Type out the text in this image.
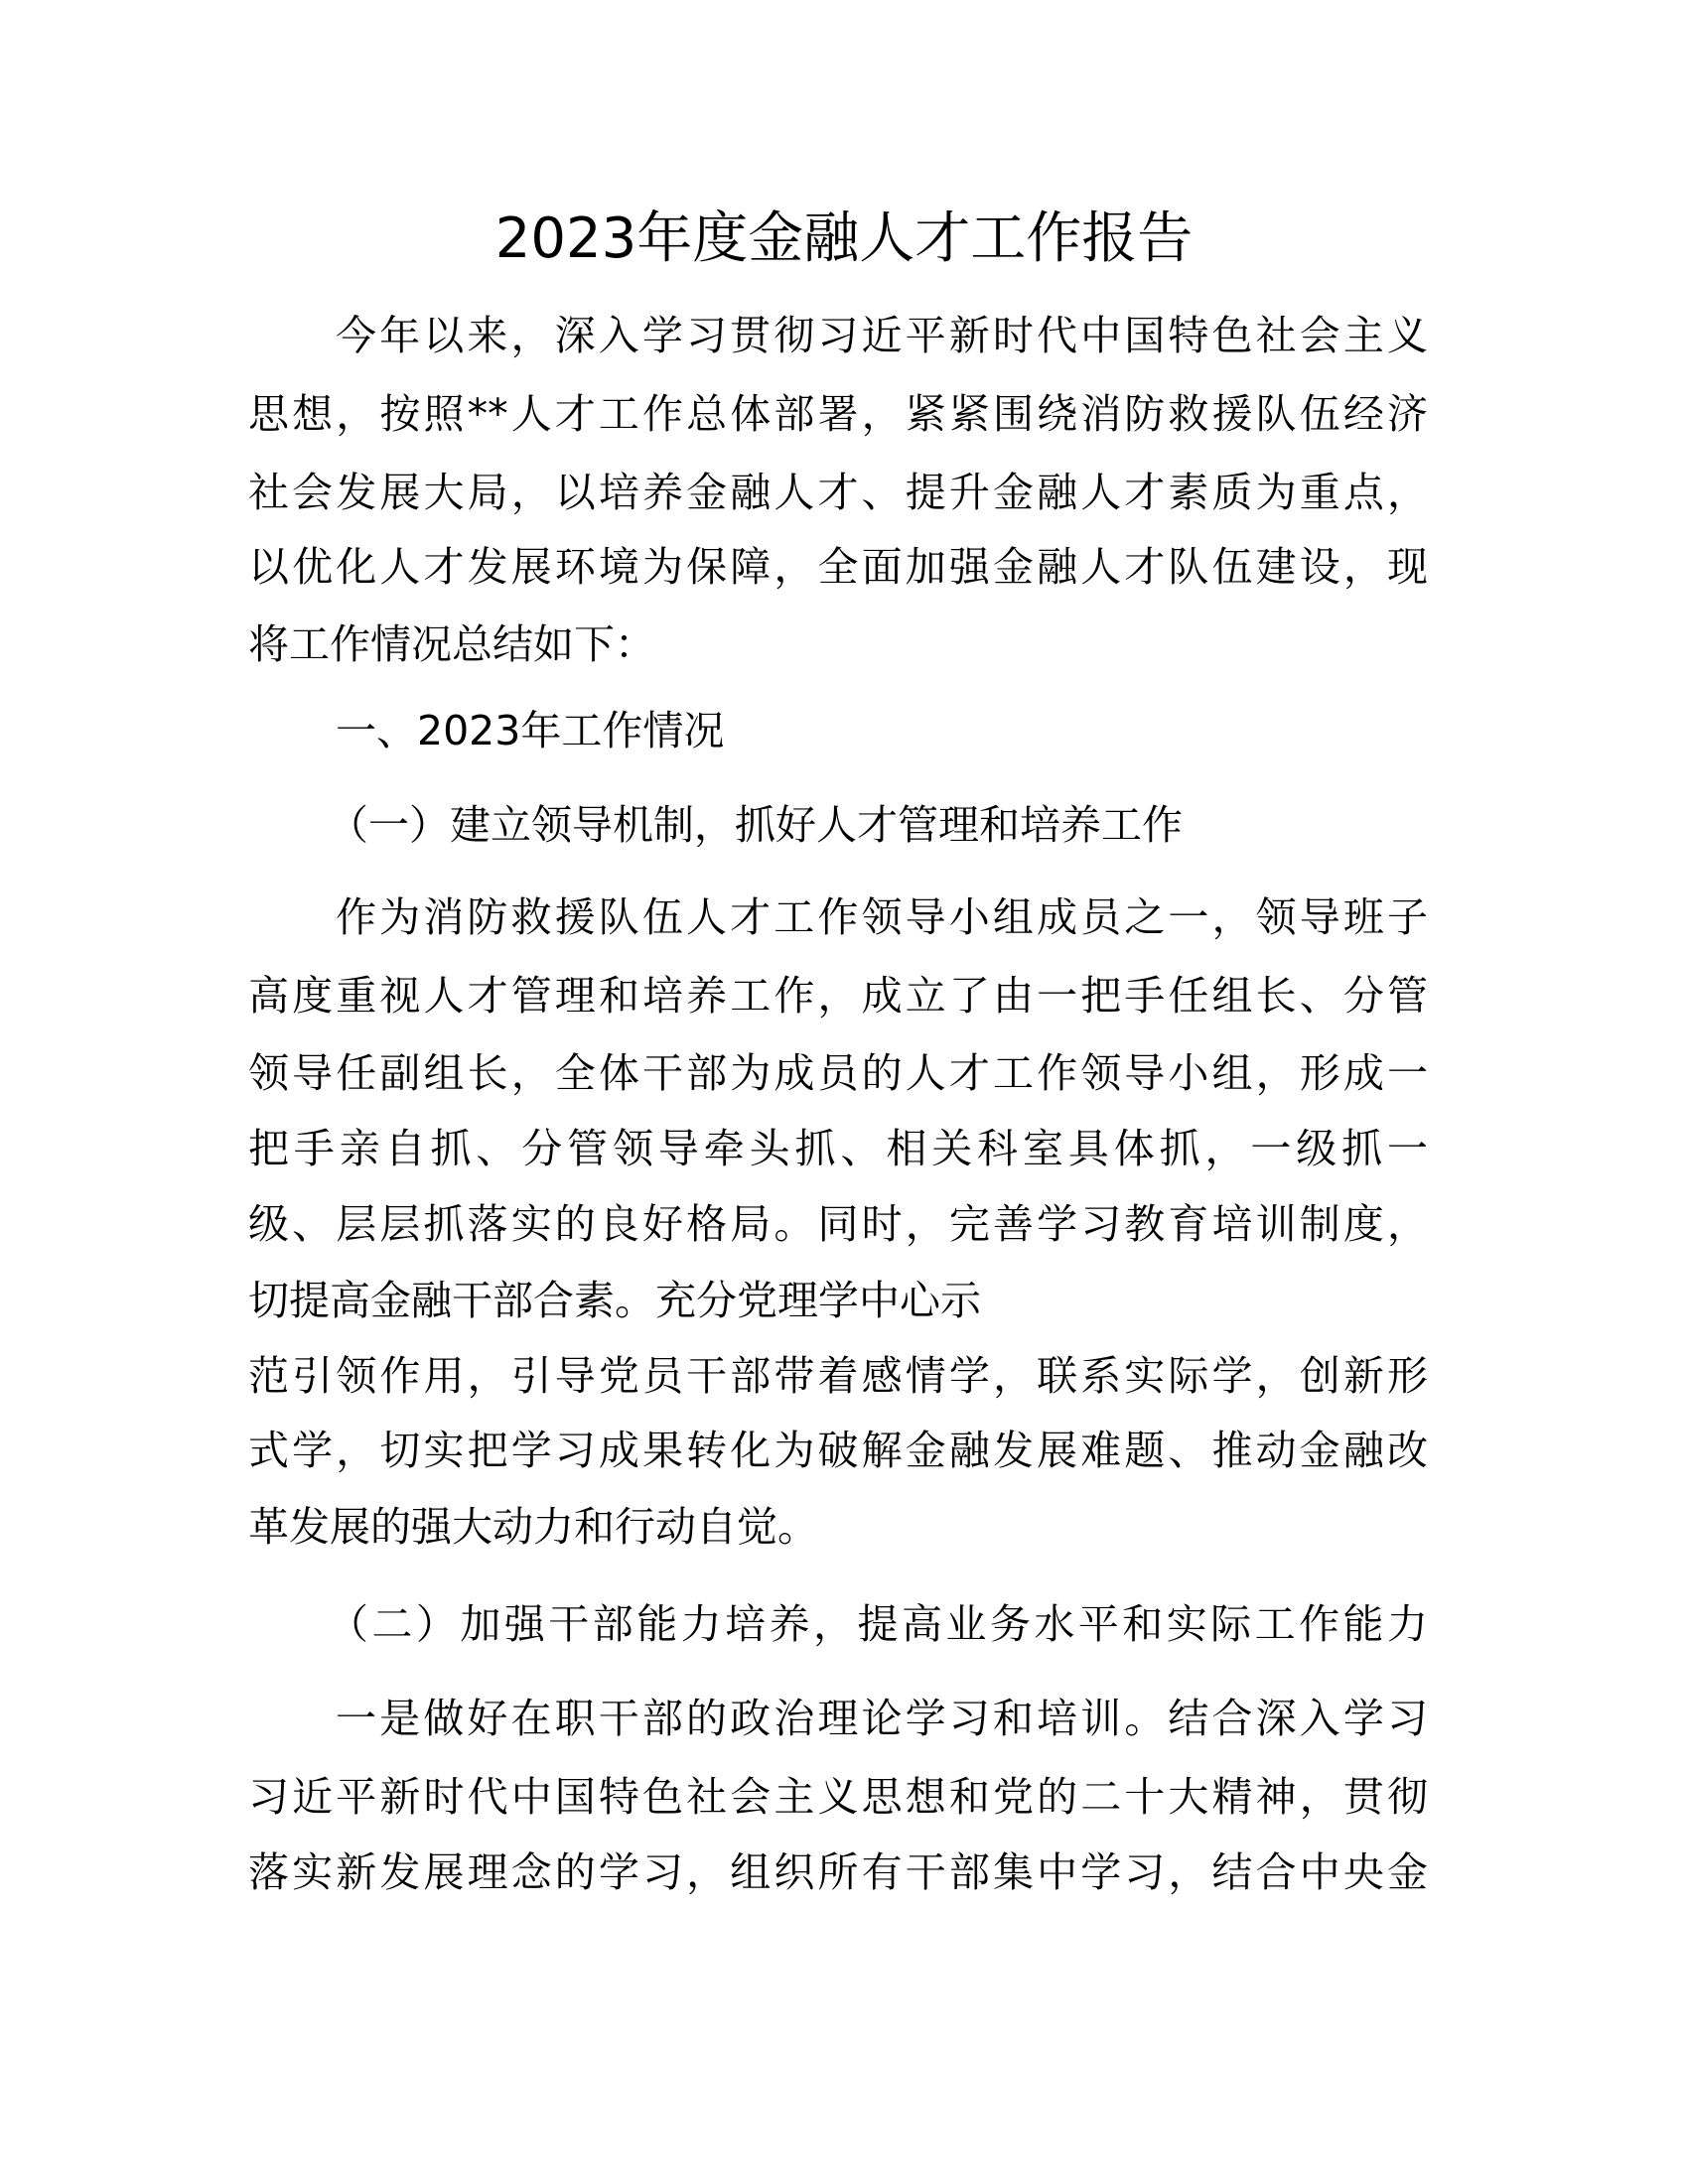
2023年度金融人才工作报告
今年以来，深入学习贯彻习近平新时代中国特色社会主义
思想，按照**人才工作总体部署，紧紧围绕消防救援队伍经济
社会发展大局，以培养金融人才、提升金融人才素质为重点，
以优化人才发展环境为保障，全面加强金融人才队伍建设，现
将工作情况总结如下：
一、2023年工作情况
（一）建立领导机制，抓好人才管理和培养工作
作为消防救援队伍人才工作领导小组成员之一，领导班子
高度重视人才管理和培养工作，成立了由一把手任组长、分管
领导任副组长，全体干部为成员的人才工作领导小组，形成一
把手亲自抓、分管领导牵头抓、相关科室具体抓，一级抓一
级、层层抓落实的良好格局。同时，完善学习教育培训制度，
切提高金融干部合素。充分党理学中心示
范引领作用，引导党员干部带着感情学，联系实际学，创新形
式学，切实把学习成果转化为破解金融发展难题、推动金融改
革发展的强大动力和行动自觉。
（二）加强干部能力培养，提高业务水平和实际工作能力
一是做好在职干部的政治理论学习和培训。结合深入学习
习近平新时代中国特色社会主义思想和党的二十大精神，贯彻
落实新发展理念的学习，组织所有干部集中学习，结合中央金
